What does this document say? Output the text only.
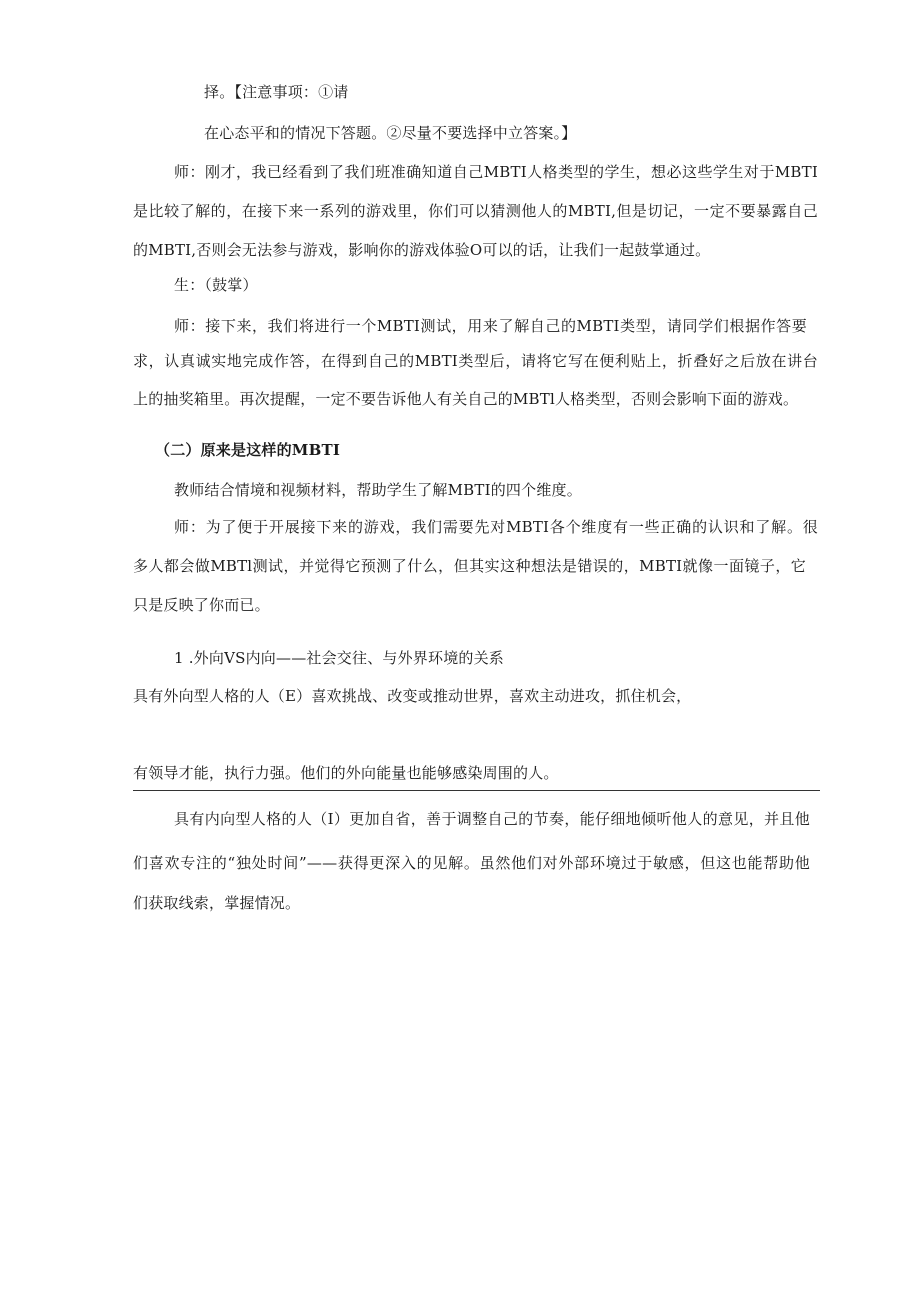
择。【注意事项：①请
在心态平和的情况下答题。②尽量不要选择中立答案。】
师：刚才，我已经看到了我们班准确知道自己MBTI人格类型的学生，想必这些学生对于MBTI
是比较了解的，在接下来一系列的游戏里，你们可以猜测他人的MBTI,但是切记，一定不要暴露自己
的MBTI,否则会无法参与游戏，影响你的游戏体验O可以的话，让我们一起鼓掌通过。
生：（鼓掌）
师：接下来，我们将进行一个MBTI测试，用来了解自己的MBTI类型，请同学们根据作答要
求，认真诚实地完成作答，在得到自己的MBTI类型后，请将它写在便利贴上，折叠好之后放在讲台
上的抽奖箱里。再次提醒，一定不要告诉他人有关自己的MBTl人格类型，否则会影响下面的游戏。
（二）原来是这样的MBTI
教师结合情境和视频材料，帮助学生了解MBTI的四个维度。
师：为了便于开展接下来的游戏，我们需要先对MBTI各个维度有一些正确的认识和了解。很
多人都会做MBTl测试，并觉得它预测了什么，但其实这种想法是错误的，MBTI就像一面镜子，它
只是反映了你而已。
1 .外向VS内向——社会交往、与外界环境的关系
具有外向型人格的人（E）喜欢挑战、改变或推动世界，喜欢主动进攻，抓住机会，
有领导才能，执行力强。他们的外向能量也能够感染周围的人。
具有内向型人格的人（I）更加自省，善于调整自己的节奏，能仔细地倾听他人的意见，并且他
们喜欢专注的“独处时间”——获得更深入的见解。虽然他们对外部环境过于敏感，但这也能帮助他
们获取线索，掌握情况。
